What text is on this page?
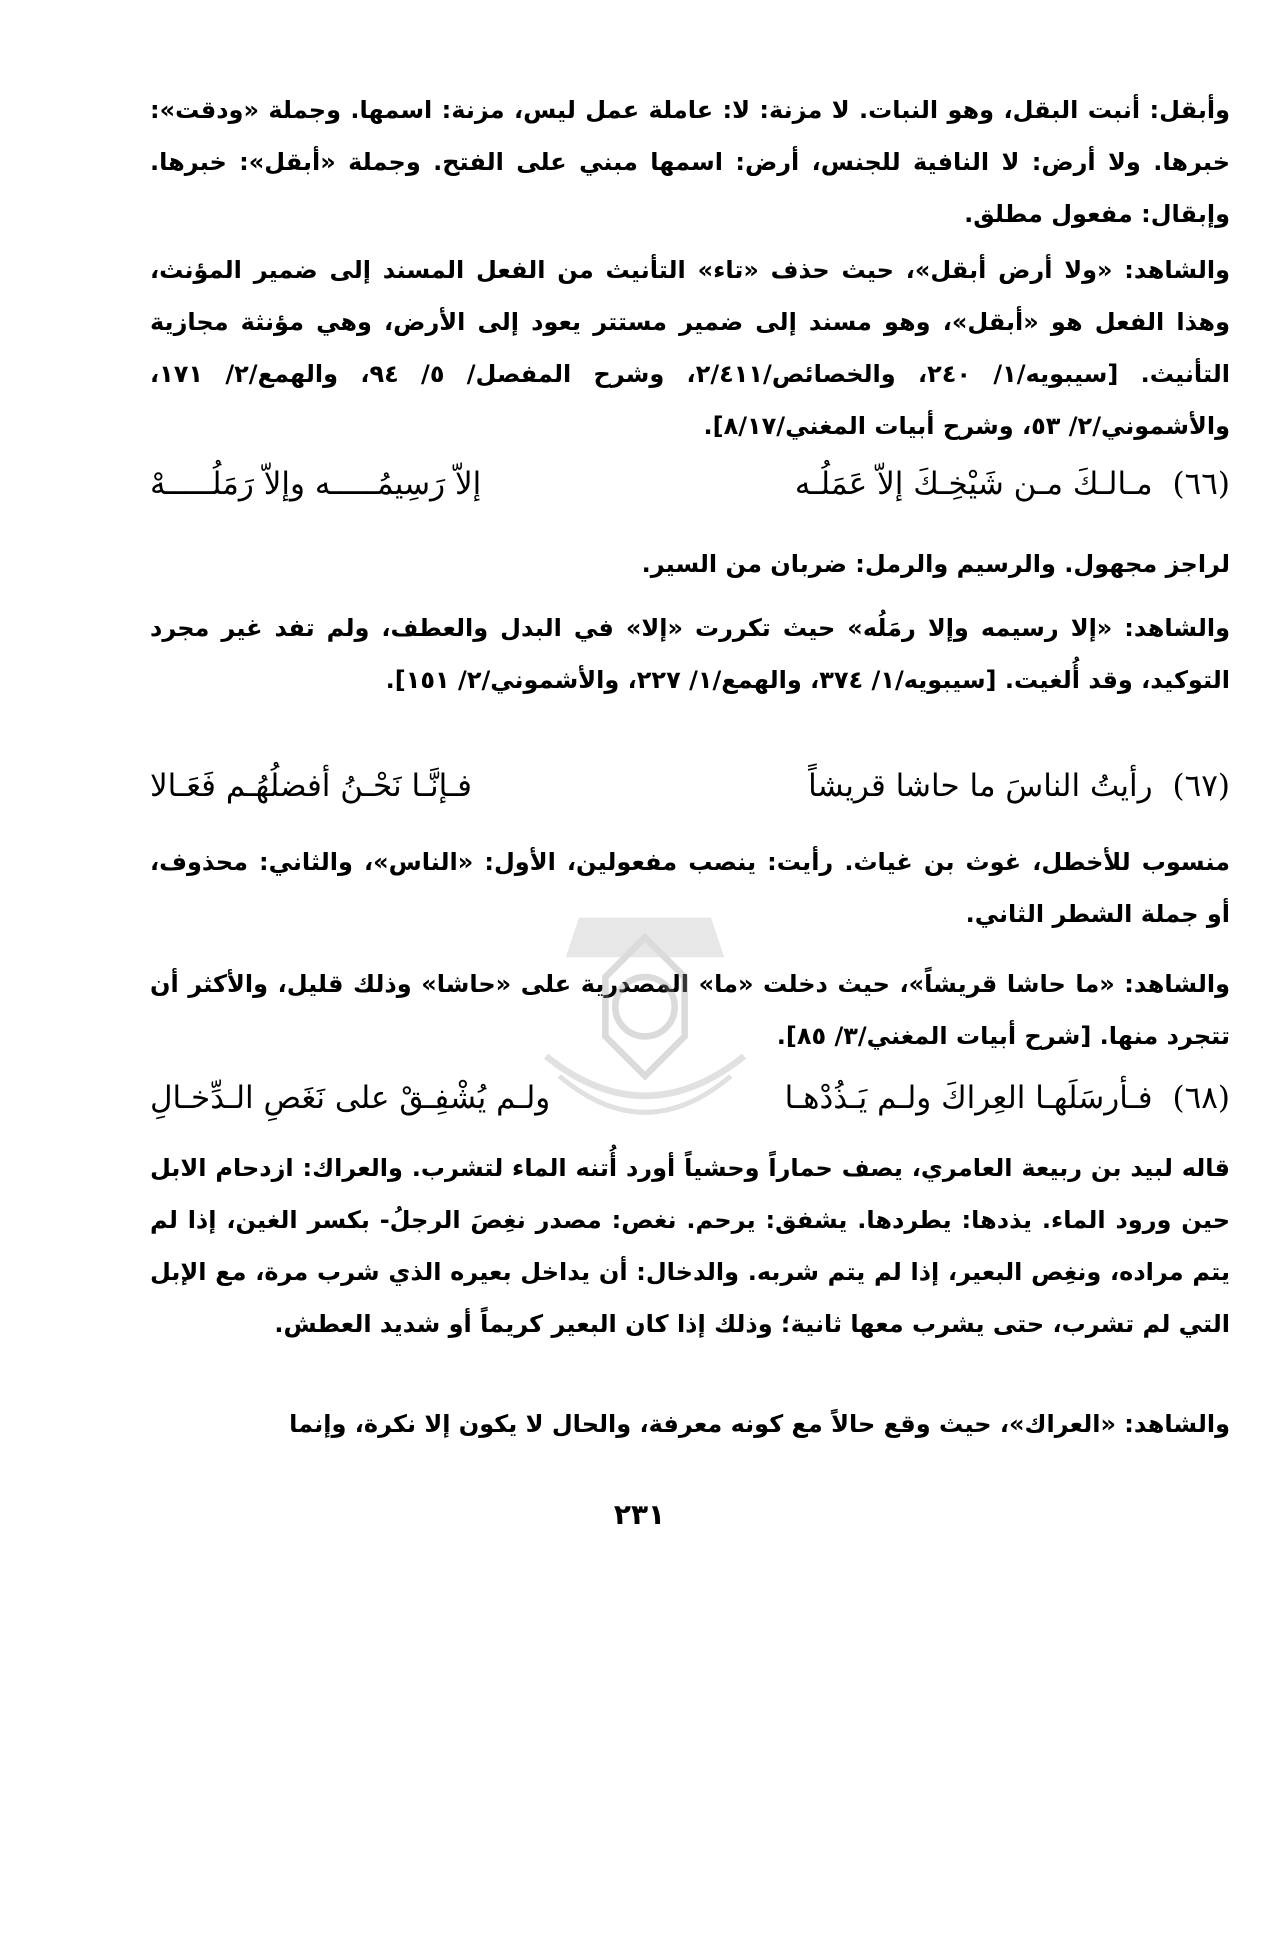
وأبقل: أنبت البقل، وهو النبات. لا مزنة: لا: عاملة عمل ليس، مزنة: اسمها. وجملة «ودقت»: خبرها. ولا أرض: لا النافية للجنس، أرض: اسمها مبني على الفتح. وجملة «أبقل»: خبرها. وإبقال: مفعول مطلق.
والشاهد: «ولا أرض أبقل»، حيث حذف «تاء» التأنيث من الفعل المسند إلى ضمير المؤنث، وهذا الفعل هو «أبقل»، وهو مسند إلى ضمير مستتر يعود إلى الأرض، وهي مؤنثة مجازية التأنيث. [سيبويه/١/ ٢٤٠، والخصائص/٢/٤١١، وشرح المفصل/ ٥/ ٩٤، والهمع/٢/ ١٧١، والأشموني/٢/ ٥٣، وشرح أبيات المغني/٨/١٧].
(٦٦) مـالـكَ مـن شَيْخِـكَ إلاّ عَمَلُـه
إلاّ رَسِيمُـــــه وإلاّ رَمَلُـــــهْ
لراجز مجهول. والرسيم والرمل: ضربان من السير.
والشاهد: «إلا رسيمه وإلا رمَلُه» حيث تكررت «إلا» في البدل والعطف، ولم تفد غير مجرد التوكيد، وقد أُلغيت. [سيبويه/١/ ٣٧٤، والهمع/١/ ٢٢٧، والأشموني/٢/ ١٥١].
(٦٧) رأيتُ الناسَ ما حاشا قريشاً
فـإنَّـا نَحْـنُ أفضلُهُـم فَعَـالا
منسوب للأخطل، غوث بن غياث. رأيت: ينصب مفعولين، الأول: «الناس»، والثاني: محذوف، أو جملة الشطر الثاني.
والشاهد: «ما حاشا قريشاً»، حيث دخلت «ما» المصدرية على «حاشا» وذلك قليل، والأكثر أن تتجرد منها. [شرح أبيات المغني/٣/ ٨٥].
(٦٨) فـأرسَلَهـا العِراكَ ولـم يَـذُدْهـا
ولـم يُشْفِـقْ على نَغَصِ الـدِّخـالِ
قاله لبيد بن ربيعة العامري، يصف حماراً وحشياً أورد أُتنه الماء لتشرب. والعراك: ازدحام الابل حين ورود الماء. يذدها: يطردها. يشفق: يرحم. نغص: مصدر نغِصَ الرجلُ- بكسر الغين، إذا لم يتم مراده، ونغِص البعير، إذا لم يتم شربه. والدخال: أن يداخل بعيره الذي شرب مرة، مع الإبل التي لم تشرب، حتى يشرب معها ثانية؛ وذلك إذا كان البعير كريماً أو شديد العطش.
والشاهد: «العراك»، حيث وقع حالاً مع كونه معرفة، والحال لا يكون إلا نكرة، وإنما
٢٣١
